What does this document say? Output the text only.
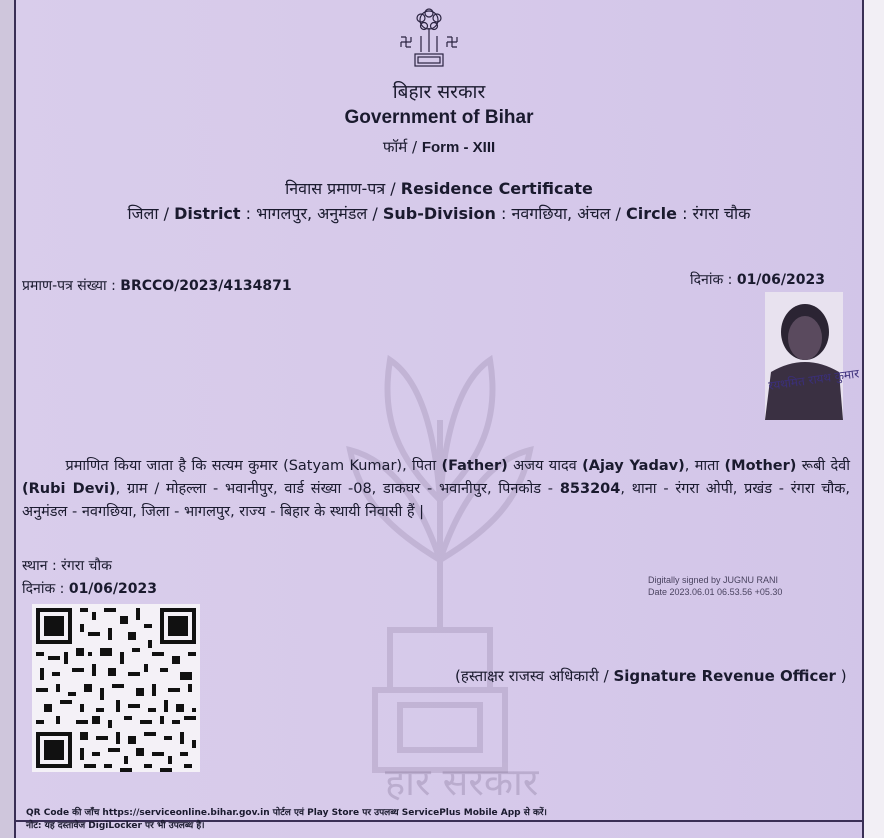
हार सरकार
बिहार सरकार
Government of Bihar
फॉर्म / Form - XIII
निवास प्रमाण-पत्र / Residence Certificate
जिला / District : भागलपुर, अनुमंडल / Sub-Division : नवगछिया, अंचल / Circle : रंगरा चौक
प्रमाण-पत्र संख्या : BRCCO/2023/4134871	दिनांक : 01/06/2023
रयथमित रायथ कुमार
   प्रमाणित किया जाता है कि सत्यम कुमार (Satyam Kumar), पिता (Father) अजय यादव (Ajay Yadav), माता (Mother) रूबी देवी (Rubi Devi), ग्राम / मोहल्ला - भवानीपुर, वार्ड संख्या -08, डाकघर - भवानीपुर, पिनकोड - 853204, थाना - रंगरा ओपी, प्रखंड - रंगरा चौक, अनुमंडल - नवगछिया, जिला - भागलपुर, राज्य - बिहार के स्थायी निवासी हैं |
स्थान : रंगरा चौक
दिनांक : 01/06/2023
Digitally signed by JUGNU RANI
Date 2023.06.01 06.53.56 +05.30
(हस्ताक्षर राजस्व अधिकारी / Signature Revenue Officer )
QR Code की जाँच https://serviceonline.bihar.gov.in पोर्टल एवं Play Store पर उपलब्ध ServicePlus Mobile App से करें।
नोट: यह दस्तावेज DigiLocker पर भी उपलब्ध है।
